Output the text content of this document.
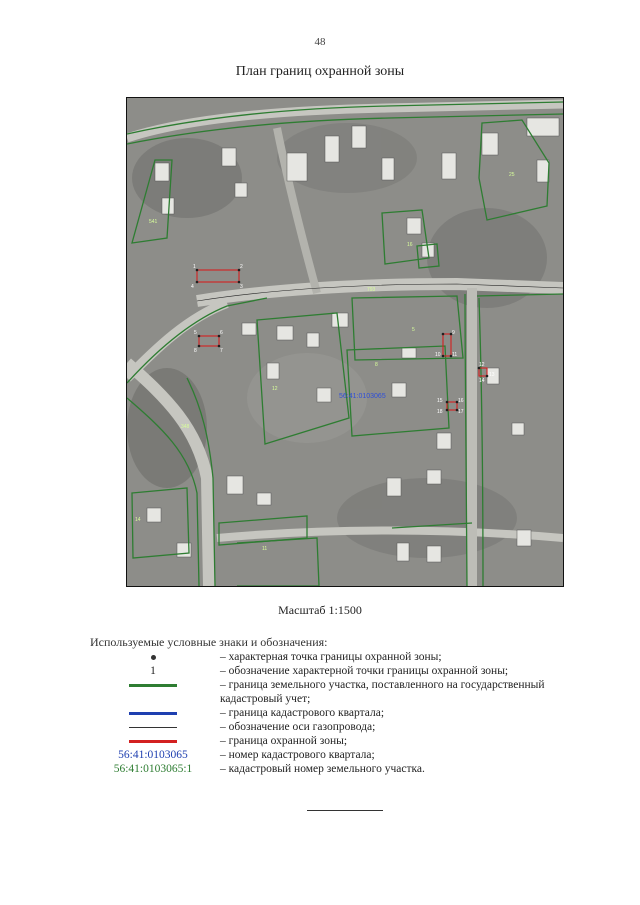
48
План границ охранной зоны
56:41:0103065
793
348
541
25
16
5
12
14
8
11
1	2
3
4
5	6
7
8
9
10 11
12
13
14
15	16
17
18
Масштаб 1:1500
Используемые условные знаки и обозначения:
– характерная точка границы охранной зоны;
1	– обозначение характерной точки границы охранной зоны;
– граница земельного участка, поставленного на государственный кадастровый учет;
– граница кадастрового квартала;
– обозначение оси газопровода;
– граница охранной зоны;
56:41:0103065	– номер кадастрового квартала;
56:41:0103065:1	– кадастровый номер земельного участка.
